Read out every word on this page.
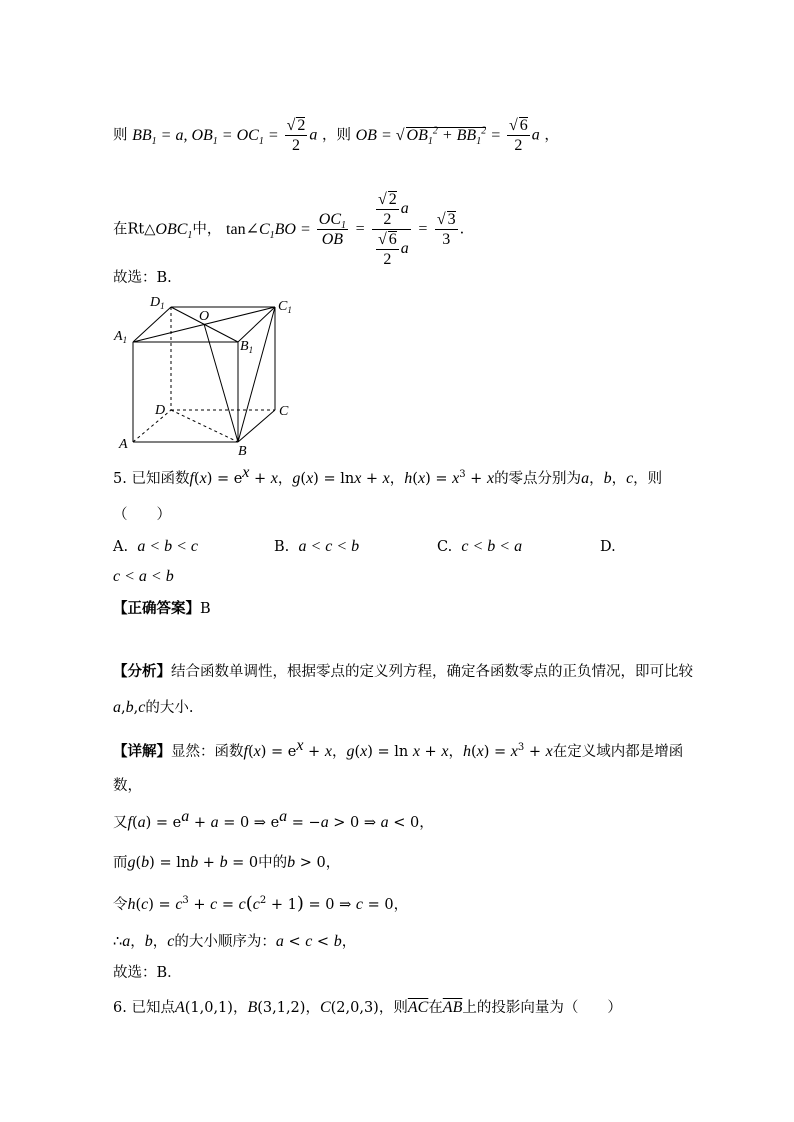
则 $BB_1 = a$, $OB_1 = OC_1 = \frac{√ 2}{2}$ a ，则 OB = √ $OB_1^2 + BB_1^2 = \frac{√ 6}{2}$ a ，
在$Rt\triangle OBC_1$中， $\tan\angle C_1BO = \frac{OC_1}{OB} = \frac{\frac{√ 2}{2} a}{\frac{√ 6}{2} a} = \frac{√ 3}{3}$ .
故选：B.
$D_1$
O
$C_1$
$A_1$	$B_1$
D	C
A	B
5. 已知函数$f(x) = e^x + x$，g(x) = lnx + x，$h(x) = x^3 + x$的零点分别为a，b，c，则
（　　）
A. a < b < c	B. a < c < b	C. c < b < a	D.
c < a < b
【正确答案】B
【分析】结合函数单调性，根据零点的定义列方程，确定各函数零点的正负情况，即可比较
a,b,c的大小.
【详解】显然：函数$f(x) = e^x + x$，g(x) = ln x + x，$h(x) = x^3 + x$在定义域内都是增函
数，
又$f(a) = e^a + a = 0$ ⇒ $e^a = -a > 0$ ⇒ a < 0，
而g(b) = lnb + b = 0中的b > 0，
令$h(c) = c^3 + c = c(c^2 + 1) = 0$ ⇒ c = 0，
∴a，b，c的大小顺序为：a < c < b，
故选：B．
6. 已知点A(1,0,1)，B(3,1,2)，C(2,0,3)，则$\overline{AC}$在$\overline{AB}$上的投影向量为（　　）
